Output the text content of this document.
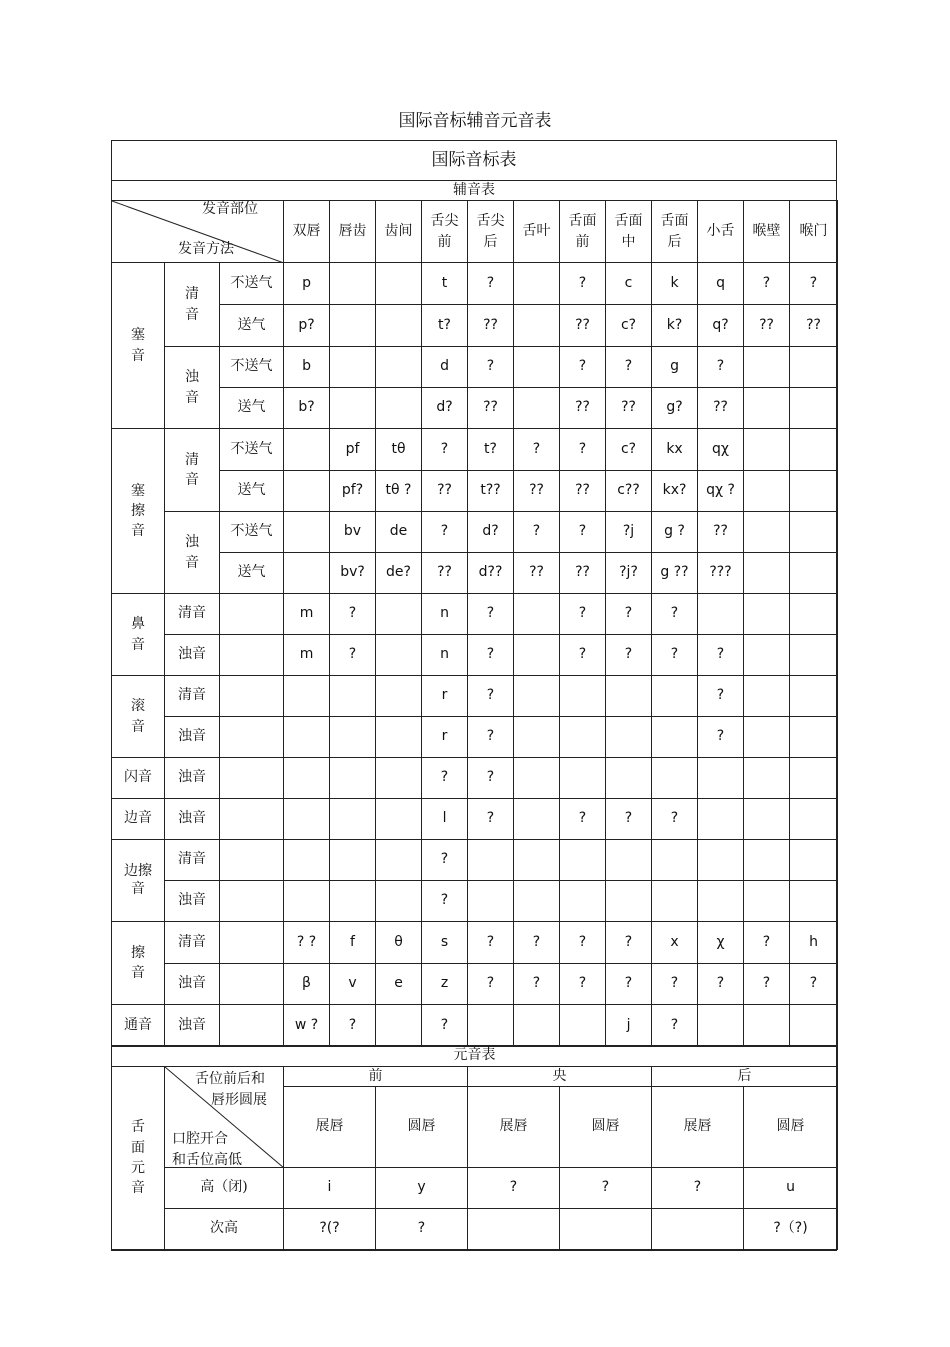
国际音标辅音元音表
国际音标表
辅音表
发音部位
发音方法			双唇	唇齿	齿间	舌尖前	舌尖后	舌叶	舌面前	舌面中	舌面后	小舌	喉壁	喉门

塞音	清音	不送气	p			t	?		?	c	k	q	?	?
		送气	p?			t?	??		??	c?	k?	q?	??	??

	浊音	不送气	b			d	?		?	?	g	?		
		送气	b?			d?	??		??	??	g?	??		

塞擦音	清音	不送气		pf	tθ	?	t?	?	?	c?	kx	qχ		
		送气		pf?	tθ ?	??	t??	??	??	c??	kx?	qχ ?		

	浊音	不送气		bv	de	?	d?	?	?	?j	g ?	??		
		送气		bv?	de?	??	d??	??	??	?j?	g ??	???		

鼻音	清音		m	?		n	?		?	?	?			
	浊音		m	?		n	?		?	?	?	?		

滚音	清音					r	?					?		
	浊音					r	?					?		
闪音	浊音					?	?							
边音	浊音					l	?		?	?	?			
边擦音	清音					?								
	浊音					?								

擦音	清音		? ?	f	θ	s	?	?	?	?	x	χ	?	h
	浊音		β	v	e	z	?	?	?	?	?	?	?	?
通音	浊音		w ?	?		?				j	?			
元音表							

舌面元音	舌位前后和
唇形圆展
口腔开合
和舌位高低	前		央		后	
		展唇	圆唇	展唇	圆唇	展唇	圆唇
	高（闭)	i	y	?	?	?	u
	次高	?(?	?				?（?)
